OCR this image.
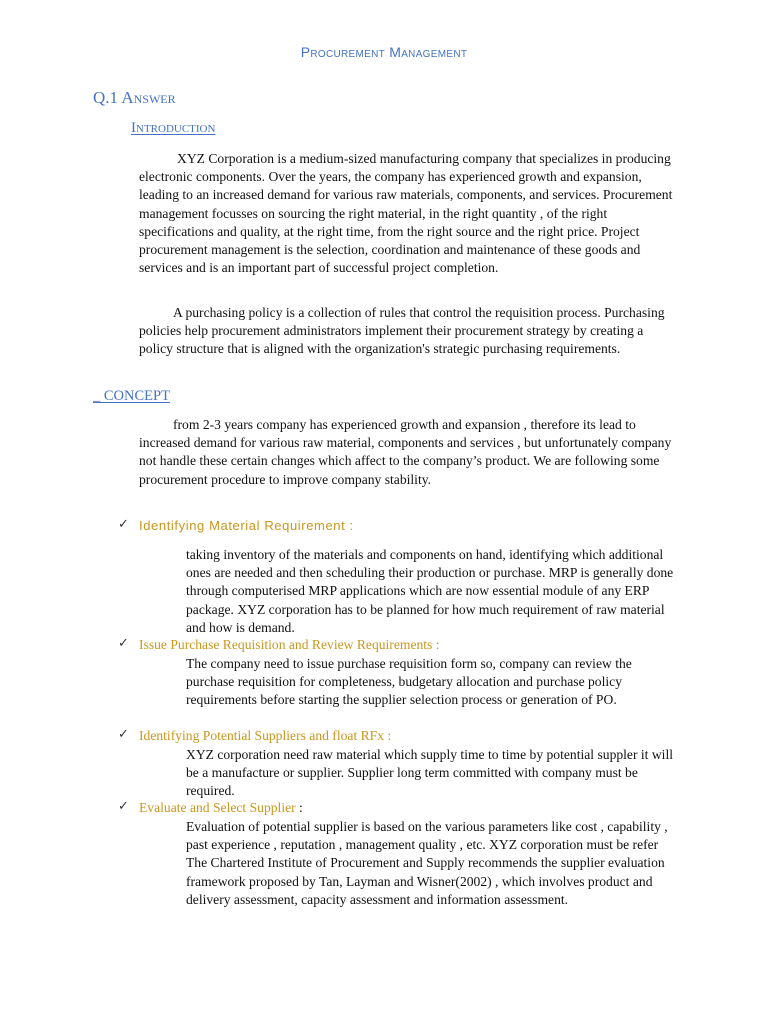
Procurement Management
Q.1 Answer
Introduction

XYZ Corporation is a medium-sized manufacturing company that specializes in producing electronic components. Over the years, the company has experienced growth and expansion, leading to an increased demand for various raw materials, components, and services. Procurement management focusses on sourcing the right material, in the right quantity , of the right specifications and quality, at the right time, from the right source and the right price. Project procurement management is the selection, coordination and maintenance of these goods and services and is an important part of successful project completion.

A purchasing policy is a collection of rules that control the requisition process. Purchasing policies help procurement administrators implement their procurement strategy by creating a policy structure that is aligned with the organization's strategic purchasing requirements.

_ CONCEPT

from 2-3 years company has experienced growth and expansion , therefore its lead to increased demand for various raw material, components and services , but unfortunately company not handle these certain changes which affect to the company’s product. We are following some procurement procedure to improve company stability.

✓ Identifying Material Requirement :

taking inventory of the materials and components on hand, identifying which additional ones are needed and then scheduling their production or purchase. MRP is generally done through computerised MRP applications which are now essential module of any ERP package. XYZ corporation has to be planned for how much requirement of raw material and how is demand.

✓ Issue Purchase Requisition and Review Requirements :

The company need to issue purchase requisition form so, company can review the purchase requisition for completeness, budgetary allocation and purchase policy requirements before starting the supplier selection process or generation of PO.

✓ Identifying Potential Suppliers and float RFx :

XYZ corporation need raw material which supply time to time by potential suppler it will be a manufacture or supplier. Supplier long term committed with company must be required.

✓ Evaluate and Select Supplier :

Evaluation of potential supplier is based on the various parameters like cost , capability , past experience , reputation , management quality , etc. XYZ corporation must be refer The Chartered Institute of Procurement and Supply recommends the supplier evaluation framework proposed by Tan, Layman and Wisner(2002) , which involves product and delivery assessment, capacity assessment and information assessment.
